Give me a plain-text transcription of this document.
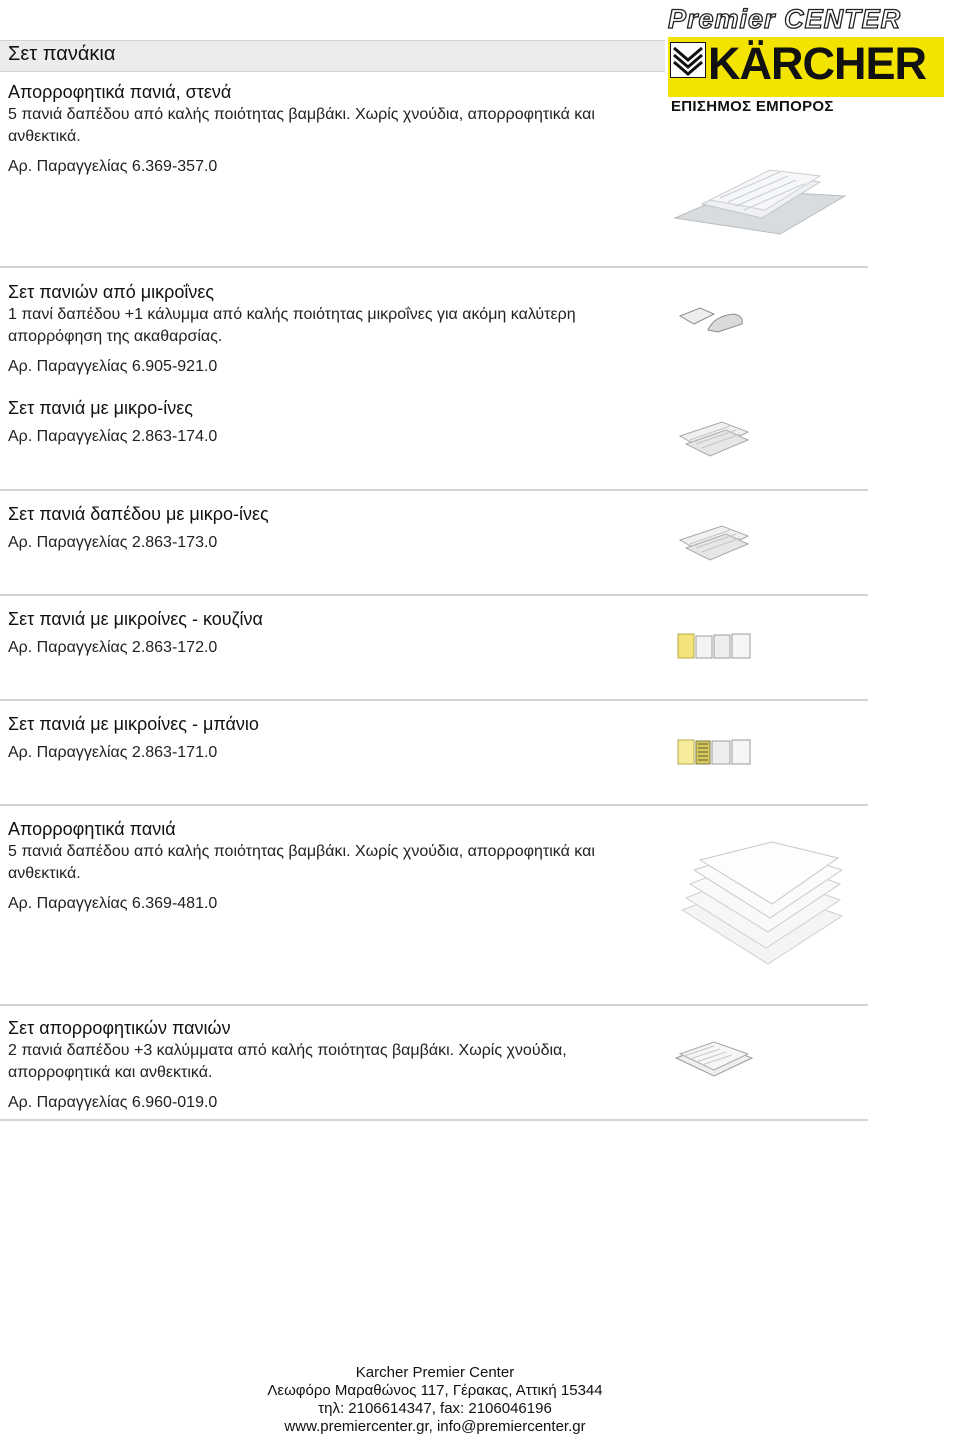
Σετ πανάκια
Premier CENTER
KÄRCHER
ΕΠΙΣΗΜΟΣ ΕΜΠΟΡΟΣ
Απορροφητικά πανιά, στενά
5 πανιά δαπέδου από καλής ποιότητας βαμβάκι. Χωρίς χνούδια, απορροφητικά και ανθεκτικά.
Αρ. Παραγγελίας 6.369-357.0
Σετ πανιών από μικροΐνες
1 πανί δαπέδου +1 κάλυμμα από καλής ποιότητας μικροΐνες για ακόμη καλύτερη απορρόφηση της ακαθαρσίας.
Αρ. Παραγγελίας 6.905-921.0
Σετ πανιά με μικρο-ίνες
Αρ. Παραγγελίας 2.863-174.0
Σετ πανιά δαπέδου με μικρο-ίνες
Αρ. Παραγγελίας 2.863-173.0
Σετ πανιά με μικροίνες - κουζίνα
Αρ. Παραγγελίας 2.863-172.0
Σετ πανιά με μικροίνες - μπάνιο
Αρ. Παραγγελίας 2.863-171.0
Απορροφητικά πανιά
5 πανιά δαπέδου από καλής ποιότητας βαμβάκι. Χωρίς χνούδια, απορροφητικά και ανθεκτικά.
Αρ. Παραγγελίας 6.369-481.0
Σετ απορροφητικών πανιών
2 πανιά δαπέδου +3 καλύμματα από καλής ποιότητας βαμβάκι. Χωρίς χνούδια, απορροφητικά και ανθεκτικά.
Αρ. Παραγγελίας 6.960-019.0
Karcher Premier Center
Λεωφόρο Μαραθώνος 117, Γέρακας, Αττική 15344
τηλ: 2106614347, fax: 2106046196
www.premiercenter.gr, info@premiercenter.gr
